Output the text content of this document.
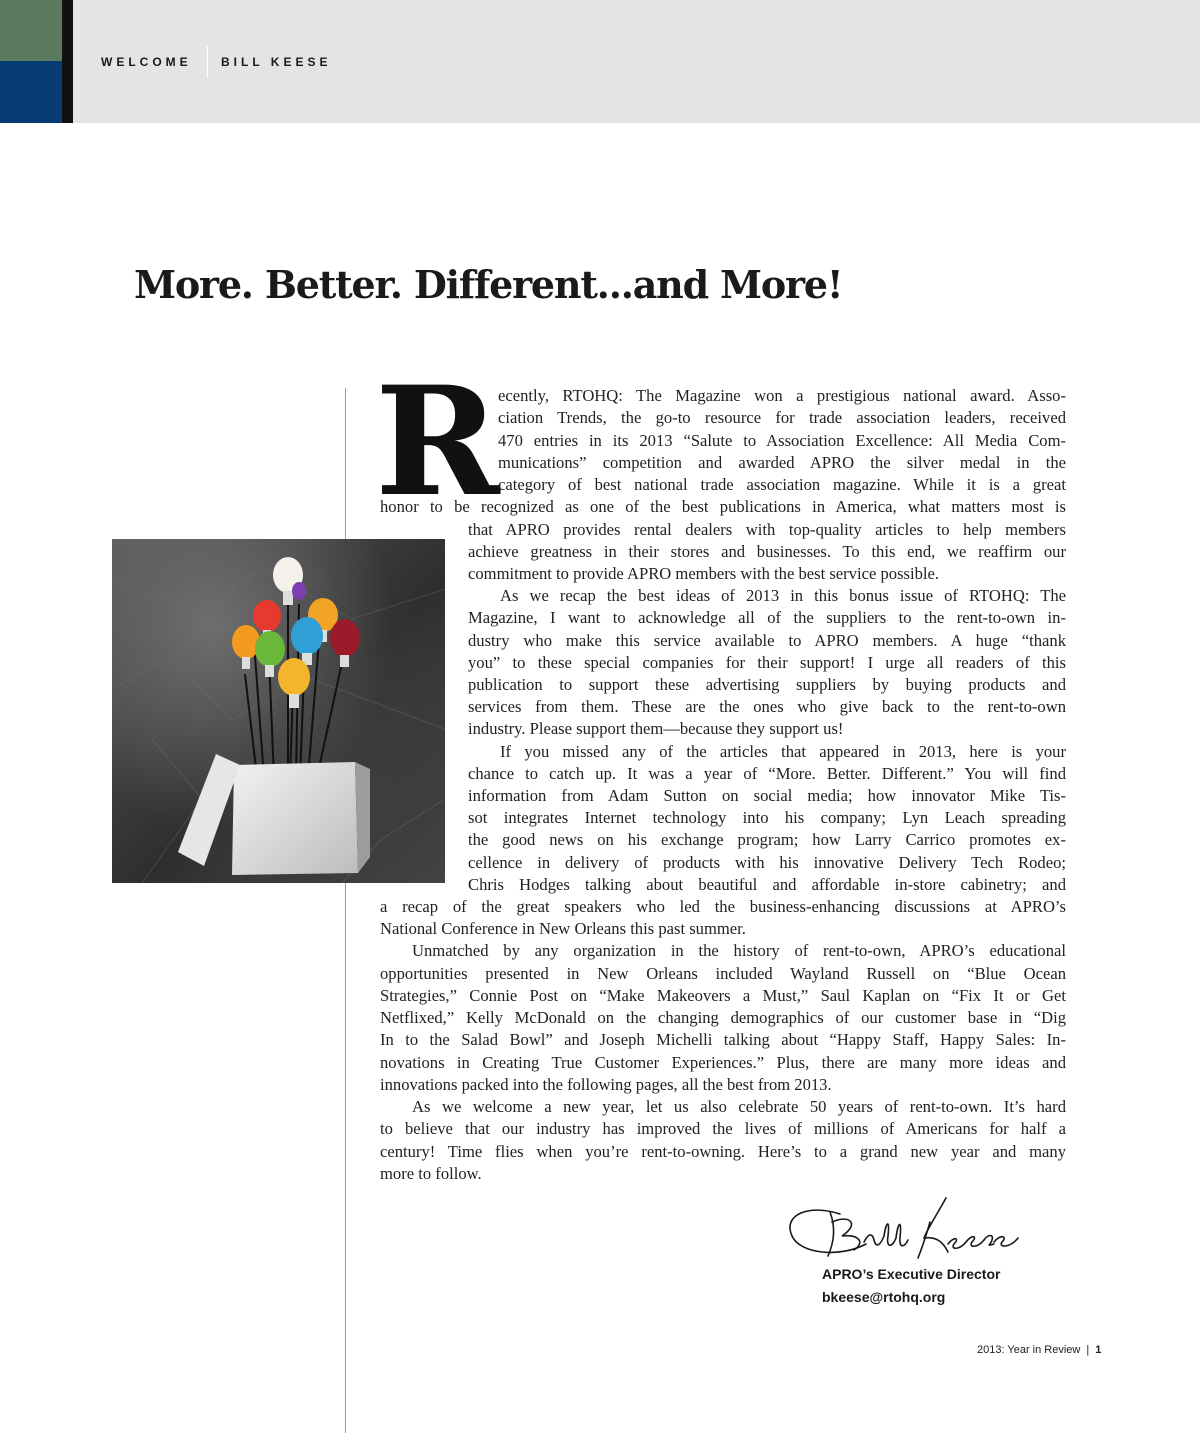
WELCOME BILL KEESE
More. Better. Different...and More!
R ecently, RTOHQ: The Magazine won a prestigious national award. Asso-

ciation Trends, the go-to resource for trade association leaders, received

470 entries in its 2013 “Salute to Association Excellence: All Media Com-

munications” competition and awarded APRO the silver medal in the

category of best national trade association magazine. While it is a great

honor to be recognized as one of the best publications in America, what matters most is

that APRO provides rental dealers with top-quality articles to help members

achieve greatness in their stores and businesses. To this end, we reaffirm our

commitment to provide APRO members with the best service possible.

As we recap the best ideas of 2013 in this bonus issue of RTOHQ: The

Magazine, I want to acknowledge all of the suppliers to the rent-to-own in-

dustry who make this service available to APRO members. A huge “thank

you” to these special companies for their support! I urge all readers of this

publication to support these advertising suppliers by buying products and

services from them. These are the ones who give back to the rent-to-own

industry. Please support them—because they support us!

If you missed any of the articles that appeared in 2013, here is your

chance to catch up. It was a year of “More. Better. Different.” You will find

information from Adam Sutton on social media; how innovator Mike Tis-

sot integrates Internet technology into his company; Lyn Leach spreading

the good news on his exchange program; how Larry Carrico promotes ex-

cellence in delivery of products with his innovative Delivery Tech Rodeo;

Chris Hodges talking about beautiful and affordable in-store cabinetry; and

a recap of the great speakers who led the business-enhancing discussions at APRO’s

National Conference in New Orleans this past summer.

Unmatched by any organization in the history of rent-to-own, APRO’s educational

opportunities presented in New Orleans included Wayland Russell on “Blue Ocean

Strategies,” Connie Post on “Make Makeovers a Must,” Saul Kaplan on “Fix It or Get

Netflixed,” Kelly McDonald on the changing demographics of our customer base in “Dig

In to the Salad Bowl” and Joseph Michelli talking about “Happy Staff, Happy Sales: In-

novations in Creating True Customer Experiences.” Plus, there are many more ideas and

innovations packed into the following pages, all the best from 2013.

As we welcome a new year, let us also celebrate 50 years of rent-to-own. It’s hard

to believe that our industry has improved the lives of millions of Americans for half a

century! Time flies when you’re rent-to-owning. Here’s to a grand new year and many

more to follow.

APRO’s Executive Director
bkeese@rtohq.org
2013: Year in Review | 1
